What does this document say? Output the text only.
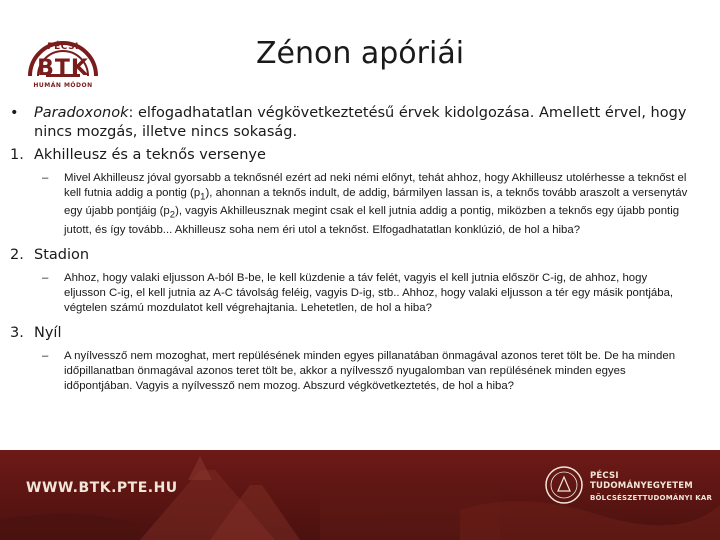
PÉCSI
BTK
HUMÁN MÓDON
Zénon apóriái
•	Paradoxonok: elfogadhatatlan végkövetkeztetésű érvek kidolgozása. Amellett érvel, hogy nincs mozgás, illetve nincs sokaság.
1. Akhilleusz és a teknős versenye
–	Mivel Akhilleusz jóval gyorsabb a teknősnél ezért ad neki némi előnyt, tehát ahhoz, hogy Akhilleusz utolérhesse a teknőst el kell futnia addig a pontig $(p_1)$, ahonnan a teknős indult, de addig, bármilyen lassan is, a teknős tovább araszolt a versenytáv egy újabb pontjáig $(p_2)$, vagyis Akhilleusznak megint csak el kell jutnia addig a pontig, miközben a teknős egy újabb pontig jutott, és így tovább... Akhilleusz soha nem éri utol a teknőst. Elfogadhatatlan konklúzió, de hol a hiba?
2. Stadion
–	Ahhoz, hogy valaki eljusson A-ból B-be, le kell küzdenie a táv felét, vagyis el kell jutnia először C-ig, de ahhoz, hogy eljusson C-ig, el kell jutnia az A-C távolság feléig, vagyis D-ig, stb.. Ahhoz, hogy valaki eljusson a tér egy másik pontjába, végtelen számú mozdulatot kell végrehajtania. Lehetetlen, de hol a hiba?
3. Nyíl
–	A nyílvessző nem mozoghat, mert repülésének minden egyes pillanatában önmagával azonos teret tölt be. De ha minden időpillanatban önmagával azonos teret tölt be, akkor a nyílvessző nyugalomban van repülésének minden egyes időpontjában. Vagyis a nyílvessző nem mozog. Abszurd végkövetkeztetés, de hol a hiba?
WWW.BTK.PTE.HU
PÉCSI TUDOMÁNYEGYETEM
BÖLCSÉSZETTUDOMÁNYI KAR
